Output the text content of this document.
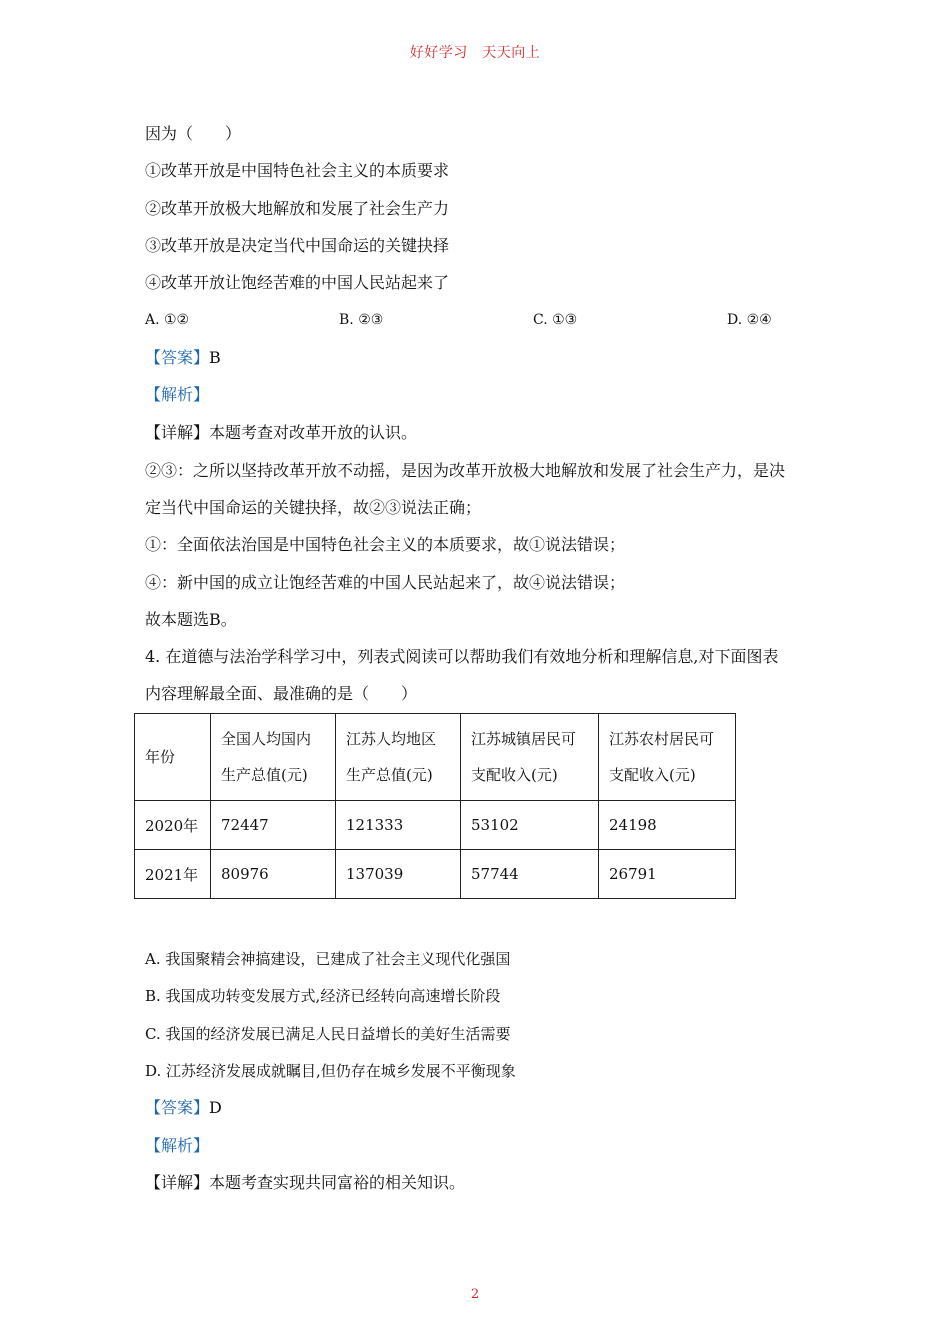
好好学习　天天向上
因为（　　）
①改革开放是中国特色社会主义的本质要求
②改革开放极大地解放和发展了社会生产力
③改革开放是决定当代中国命运的关键抉择
④改革开放让饱经苦难的中国人民站起来了
A. ①②	B. ②③	C. ①③	D. ②④
【答案】B
【解析】
【详解】本题考查对改革开放的认识。
②③：之所以坚持改革开放不动摇，是因为改革开放极大地解放和发展了社会生产力，是决
定当代中国命运的关键抉择，故②③说法正确；
①：全面依法治国是中国特色社会主义的本质要求，故①说法错误；
④：新中国的成立让饱经苦难的中国人民站起来了，故④说法错误；
故本题选B。
4. 在道德与法治学科学习中，列表式阅读可以帮助我们有效地分析和理解信息,对下面图表
内容理解最全面、最准确的是（　　）
年份	全国人均国内生产总值(元)	江苏人均地区生产总值(元)	江苏城镇居民可支配收入(元)	江苏农村居民可支配收入(元)
2020年	72447	121333	53102	24198
2021年	80976	137039	57744	26791
A. 我国聚精会神搞建设，已建成了社会主义现代化强国
B. 我国成功转变发展方式,经济已经转向高速增长阶段
C. 我国的经济发展已满足人民日益增长的美好生活需要
D. 江苏经济发展成就瞩目,但仍存在城乡发展不平衡现象
【答案】D
【解析】
【详解】本题考查实现共同富裕的相关知识。
2
